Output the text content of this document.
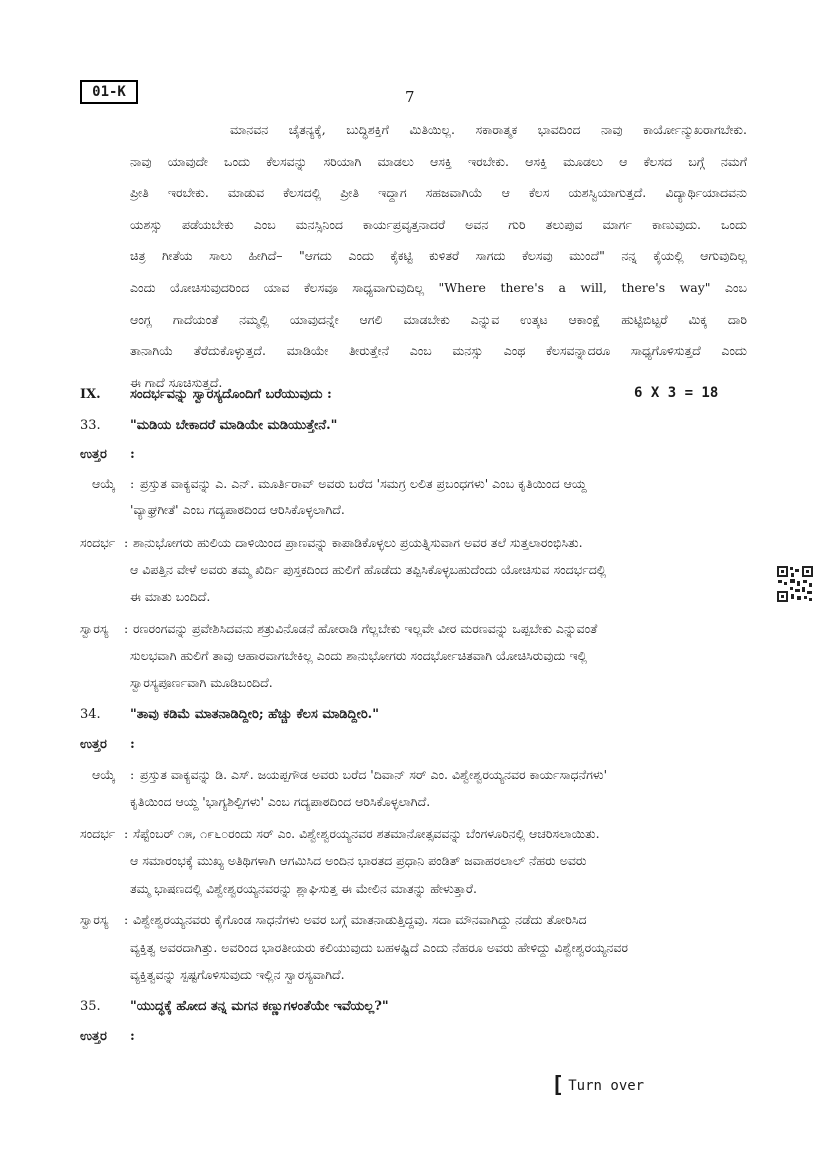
01-K	7
ಮಾನವನ ಚೈತನ್ಯಕ್ಕೆ, ಬುದ್ಧಿಶಕ್ತಿಗೆ ಮಿತಿಯಿಲ್ಲ. ಸಕಾರಾತ್ಮಕ ಭಾವದಿಂದ ನಾವು ಕಾರ್ಯೋನ್ಮುಖರಾಗಬೇಕು.
ನಾವು ಯಾವುದೇ ಒಂದು ಕೆಲಸವನ್ನು ಸರಿಯಾಗಿ ಮಾಡಲು ಆಸಕ್ತಿ ಇರಬೇಕು. ಆಸಕ್ತಿ ಮೂಡಲು ಆ ಕೆಲಸದ ಬಗ್ಗೆ ನಮಗೆ
ಪ್ರೀತಿ ಇರಬೇಕು. ಮಾಡುವ ಕೆಲಸದಲ್ಲಿ ಪ್ರೀತಿ ಇದ್ದಾಗ ಸಹಜವಾಗಿಯೆ ಆ ಕೆಲಸ ಯಶಸ್ವಿಯಾಗುತ್ತದೆ. ವಿದ್ಯಾರ್ಥಿಯಾದವನು
ಯಶಸ್ಸು ಪಡೆಯಬೇಕು ಎಂಬ ಮನಸ್ಸಿನಿಂದ ಕಾರ್ಯಪ್ರವೃತ್ತನಾದರೆ ಅವನ ಗುರಿ ತಲುಪುವ ಮಾರ್ಗ ಕಾಣುವುದು. ಒಂದು
ಚಿತ್ರ ಗೀತೆಯ ಸಾಲು ಹೀಗಿದೆ– "ಆಗದು ಎಂದು ಕೈಕಟ್ಟಿ ಕುಳಿತರೆ ಸಾಗದು ಕೆಲಸವು ಮುಂದೆ" ನನ್ನ ಕೈಯಲ್ಲಿ ಆಗುವುದಿಲ್ಲ
ಎಂದು ಯೋಚಿಸುವುದರಿಂದ ಯಾವ ಕೆಲಸವೂ ಸಾಧ್ಯವಾಗುವುದಿಲ್ಲ "Where there's a will, there's way" ಎಂಬ
ಆಂಗ್ಲ ಗಾದೆಯಂತೆ ನಮ್ಮಲ್ಲಿ ಯಾವುದನ್ನೇ ಆಗಲಿ ಮಾಡಬೇಕು ಎನ್ನುವ ಉತ್ಕಟ ಆಕಾಂಕ್ಷೆ ಹುಟ್ಟಿಬಿಟ್ಟರೆ ಮಿಕ್ಕ ದಾರಿ
ತಾನಾಗಿಯೆ ತೆರೆದುಕೊಳ್ಳುತ್ತದೆ. ಮಾಡಿಯೇ ತೀರುತ್ತೇನೆ ಎಂಬ ಮನಸ್ಸು ಎಂಥ ಕೆಲಸವನ್ನಾದರೂ ಸಾಧ್ಯಗೊಳಿಸುತ್ತದೆ ಎಂದು
ಈ ಗಾದೆ ಸೂಚಿಸುತ್ತದೆ.
IX. ಸಂದರ್ಭವನ್ನು ಸ್ವಾರಸ್ಯದೊಂದಿಗೆ ಬರೆಯುವುದು :	6 X 3 = 18
33. "ಮಡಿಯ ಬೇಕಾದರೆ ಮಾಡಿಯೇ ಮಡಿಯುತ್ತೇನೆ."
ಉತ್ತರ :
ಆಯ್ಕೆ : ಪ್ರಸ್ತುತ ವಾಕ್ಯವನ್ನು ಎ. ಎನ್. ಮೂರ್ತಿರಾವ್ ಅವರು ಬರೆದ 'ಸಮಗ್ರ ಲಲಿತ ಪ್ರಬಂಧಗಳು' ಎಂಬ ಕೃತಿಯಿಂದ ಆಯ್ದ
'ವ್ಯಾಘ್ರಗೀತೆ' ಎಂಬ ಗದ್ಯಪಾಠದಿಂದ ಆರಿಸಿಕೊಳ್ಳಲಾಗಿದೆ.
ಸಂದರ್ಭ : ಶಾನುಭೋಗರು ಹುಲಿಯ ದಾಳಿಯಿಂದ ಪ್ರಾಣವನ್ನು ಕಾಪಾಡಿಕೊಳ್ಳಲು ಪ್ರಯತ್ನಿಸುವಾಗ ಅವರ ತಲೆ ಸುತ್ತಲಾರಂಭಿಸಿತು.
ಆ ವಿಪತ್ತಿನ ವೇಳೆ ಅವರು ತಮ್ಮ ಖಿರ್ದಿ ಪುಸ್ತಕದಿಂದ ಹುಲಿಗೆ ಹೊಡೆದು ತಪ್ಪಿಸಿಕೊಳ್ಳಬಹುದೆಂದು ಯೋಚಿಸುವ ಸಂದರ್ಭದಲ್ಲಿ
ಈ ಮಾತು ಬಂದಿದೆ.
ಸ್ವಾರಸ್ಯ : ರಣರಂಗವನ್ನು ಪ್ರವೇಶಿಸಿದವನು ಶತ್ರುವಿನೊಡನೆ ಹೋರಾಡಿ ಗೆಲ್ಲಬೇಕು ಇಲ್ಲವೇ ವೀರ ಮರಣವನ್ನು ಒಪ್ಪಬೇಕು ಎನ್ನುವಂತೆ
ಸುಲಭವಾಗಿ ಹುಲಿಗೆ ತಾವು ಆಹಾರವಾಗಬೇಕಿಲ್ಲ ಎಂದು ಶಾನುಭೋಗರು ಸಂದರ್ಭೋಚಿತವಾಗಿ ಯೋಚಿಸಿರುವುದು ಇಲ್ಲಿ
ಸ್ವಾರಸ್ಯಪೂರ್ಣವಾಗಿ ಮೂಡಿಬಂದಿದೆ.
34. "ತಾವು ಕಡಿಮೆ ಮಾತನಾಡಿದ್ದೀರಿ; ಹೆಚ್ಚು ಕೆಲಸ ಮಾಡಿದ್ದೀರಿ."
ಉತ್ತರ :
ಆಯ್ಕೆ : ಪ್ರಸ್ತುತ ವಾಕ್ಯವನ್ನು ಡಿ. ಎಸ್. ಜಯಪ್ಪಗೌಡ ಅವರು ಬರೆದ 'ದಿವಾನ್ ಸರ್ ಎಂ. ವಿಶ್ವೇಶ್ವರಯ್ಯನವರ ಕಾರ್ಯಸಾಧನೆಗಳು'
ಕೃತಿಯಿಂದ ಆಯ್ದ 'ಭಾಗ್ಯಶಿಲ್ಪಿಗಳು' ಎಂಬ ಗದ್ಯಪಾಠದಿಂದ ಆರಿಸಿಕೊಳ್ಳಲಾಗಿದೆ.
ಸಂದರ್ಭ : ಸೆಪ್ಟೆಂಬರ್ ೧೫, ೧೯೬೦ರಂದು ಸರ್ ಎಂ. ವಿಶ್ವೇಶ್ವರಯ್ಯನವರ ಶತಮಾನೋತ್ಸವವನ್ನು ಬೆಂಗಳೂರಿನಲ್ಲಿ ಆಚರಿಸಲಾಯಿತು.
ಆ ಸಮಾರಂಭಕ್ಕೆ ಮುಖ್ಯ ಅತಿಥಿಗಳಾಗಿ ಆಗಮಿಸಿದ ಅಂದಿನ ಭಾರತದ ಪ್ರಧಾನಿ ಪಂಡಿತ್ ಜವಾಹರಲಾಲ್ ನೆಹರು ಅವರು
ತಮ್ಮ ಭಾಷಣದಲ್ಲಿ ವಿಶ್ವೇಶ್ವರಯ್ಯನವರನ್ನು ಶ್ಲಾಘಿಸುತ್ತ ಈ ಮೇಲಿನ ಮಾತನ್ನು ಹೇಳುತ್ತಾರೆ.
ಸ್ವಾರಸ್ಯ : ವಿಶ್ವೇಶ್ವರಯ್ಯನವರು ಕೈಗೊಂಡ ಸಾಧನೆಗಳು ಅವರ ಬಗ್ಗೆ ಮಾತನಾಡುತ್ತಿದ್ದವು. ಸದಾ ಮೌನವಾಗಿದ್ದು ನಡೆದು ತೋರಿಸಿದ
ವ್ಯಕ್ತಿತ್ವ ಅವರದಾಗಿತ್ತು. ಅವರಿಂದ ಭಾರತೀಯರು ಕಲಿಯುವುದು ಬಹಳಷ್ಟಿದೆ ಎಂದು ನೆಹರೂ ಅವರು ಹೇಳಿದ್ದು ವಿಶ್ವೇಶ್ವರಯ್ಯನವರ
ವ್ಯಕ್ತಿತ್ವವನ್ನು ಸ್ಪಷ್ಟಗೊಳಿಸುವುದು ಇಲ್ಲಿನ ಸ್ವಾರಸ್ಯವಾಗಿದೆ.
35. "ಯುದ್ಧಕ್ಕೆ ಹೋದ ತನ್ನ ಮಗನ ಕಣ್ಣುಗಳಂತೆಯೇ ಇವೆಯಲ್ಲ?"
ಉತ್ತರ :
[ Turn over
